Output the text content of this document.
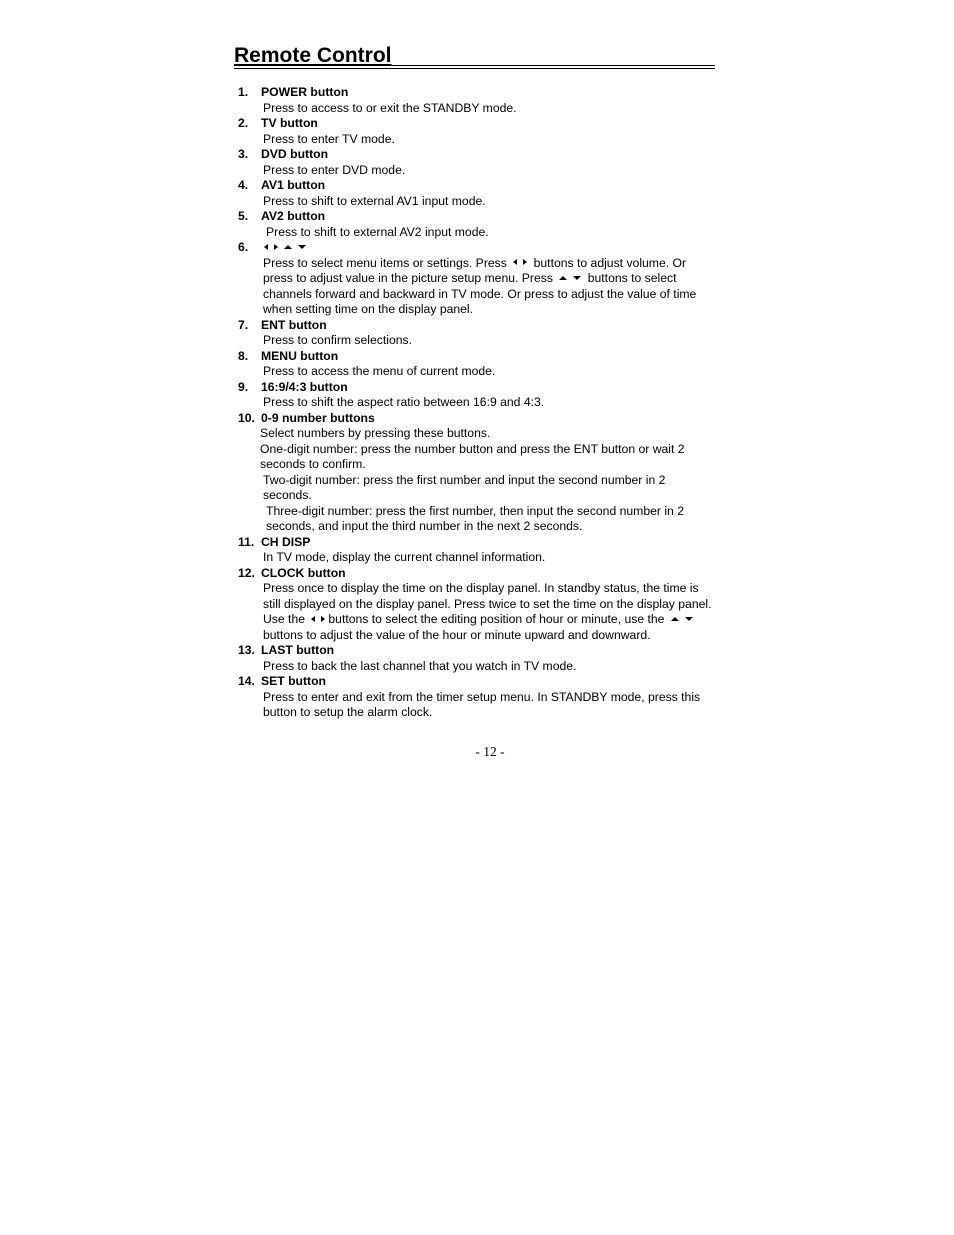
Remote Control
1.	POWER button
Press to access to or exit the STANDBY mode.
2.	TV button
Press to enter TV mode.
3.	DVD button
Press to enter DVD mode.
4.	AV1 button
Press to shift to external AV1 input mode.
5.	AV2 button
Press to shift to external AV2 input mode.
6.
Press to select menu items or settings. Press buttons to adjust volume. Or press to adjust value in the picture setup menu. Press	buttons to select channels forward and backward in TV mode. Or press to adjust the value of time when setting time on the display panel.
7.	ENT button
Press to confirm selections.
8.	MENU button
Press to access the menu of current mode.
9.	16:9/4:3 button
Press to shift the aspect ratio between 16:9 and 4:3.
10. 0-9 number buttons

Select numbers by pressing these buttons.

One-digit number: press the number button and press the ENT button or wait 2 seconds to confirm.

Two-digit number: press the first number and input the second number in 2 seconds.

Three-digit number: press the first number, then input the second number in 2 seconds, and input the third number in the next 2 seconds.

11. CH DISP
In TV mode, display the current channel information.
12. CLOCK button
Press once to display the time on the display panel. In standby status, the time is still displayed on the display panel. Press twice to set the time on the display panel. Use the buttons to select the editing position of hour or minute, use the  buttons to adjust the value of the hour or minute upward and downward.
13. LAST button
Press to back the last channel that you watch in TV mode.
14. SET button
Press to enter and exit from the timer setup menu. In STANDBY mode, press this button to setup the alarm clock.
- 12 -
